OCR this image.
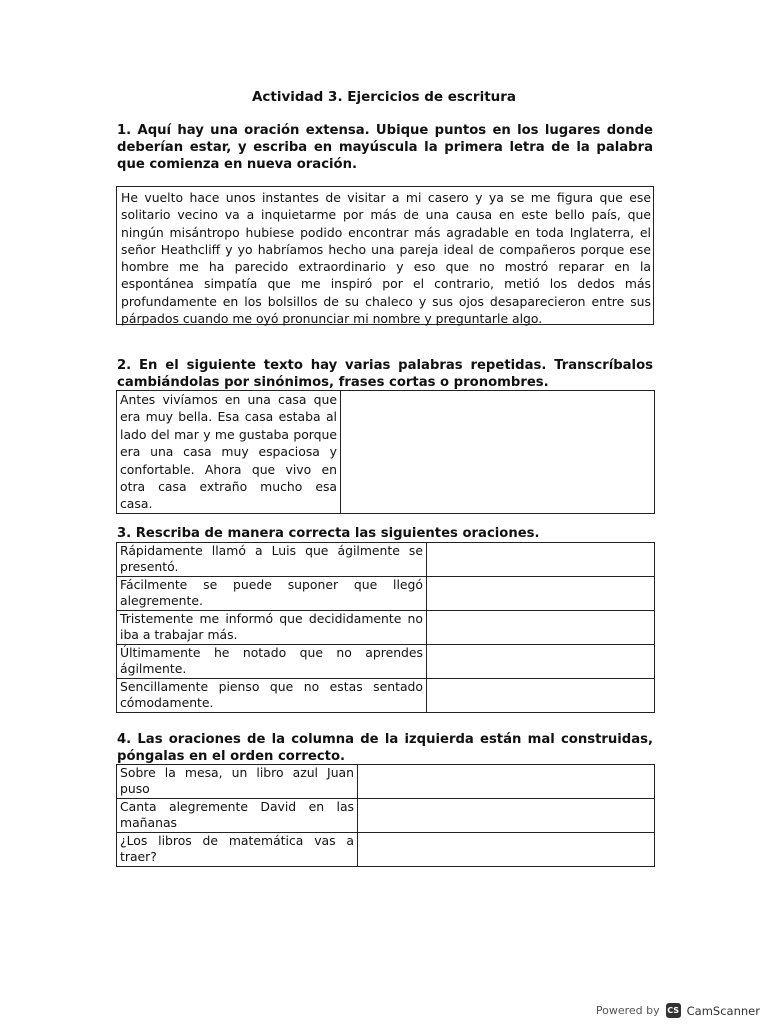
Actividad 3. Ejercicios de escritura
1. Aquí hay una oración extensa. Ubique puntos en los lugares donde deberían estar, y escriba en mayúscula la primera letra de la palabra que comienza en nueva oración.
He vuelto hace unos instantes de visitar a mi casero y ya se me figura que ese solitario vecino va a inquietarme por más de una causa en este bello país, que ningún misántropo hubiese podido encontrar más agradable en toda Inglaterra, el señor Heathcliff y yo habríamos hecho una pareja ideal de compañeros porque ese hombre me ha parecido extraordinario y eso que no mostró reparar en la espontánea simpatía que me inspiró por el contrario, metió los dedos más profundamente en los bolsillos de su chaleco y sus ojos desaparecieron entre sus párpados cuando me oyó pronunciar mi nombre y preguntarle algo.
2. En el siguiente texto hay varias palabras repetidas. Transcríbalos cambiándolas por sinónimos, frases cortas o pronombres.
Antes vivíamos en una casa que era muy bella. Esa casa estaba al lado del mar y me gustaba porque era una casa muy espaciosa y confortable. Ahora que vivo en otra casa extraño mucho esa casa.	
3. Rescriba de manera correcta las siguientes oraciones.
Rápidamente llamó a Luis que ágilmente se presentó.	
Fácilmente se puede suponer que llegó alegremente.	
Tristemente me informó que decididamente no iba a trabajar más.	
Últimamente he notado que no aprendes ágilmente.	
Sencillamente pienso que no estas sentado cómodamente.	
4. Las oraciones de la columna de la izquierda están mal construidas, póngalas en el orden correcto.
Sobre la mesa, un libro azul Juan puso	
Canta alegremente David en las mañanas	
¿Los libros de matemática vas a traer?	
Powered by CS CamScanner
